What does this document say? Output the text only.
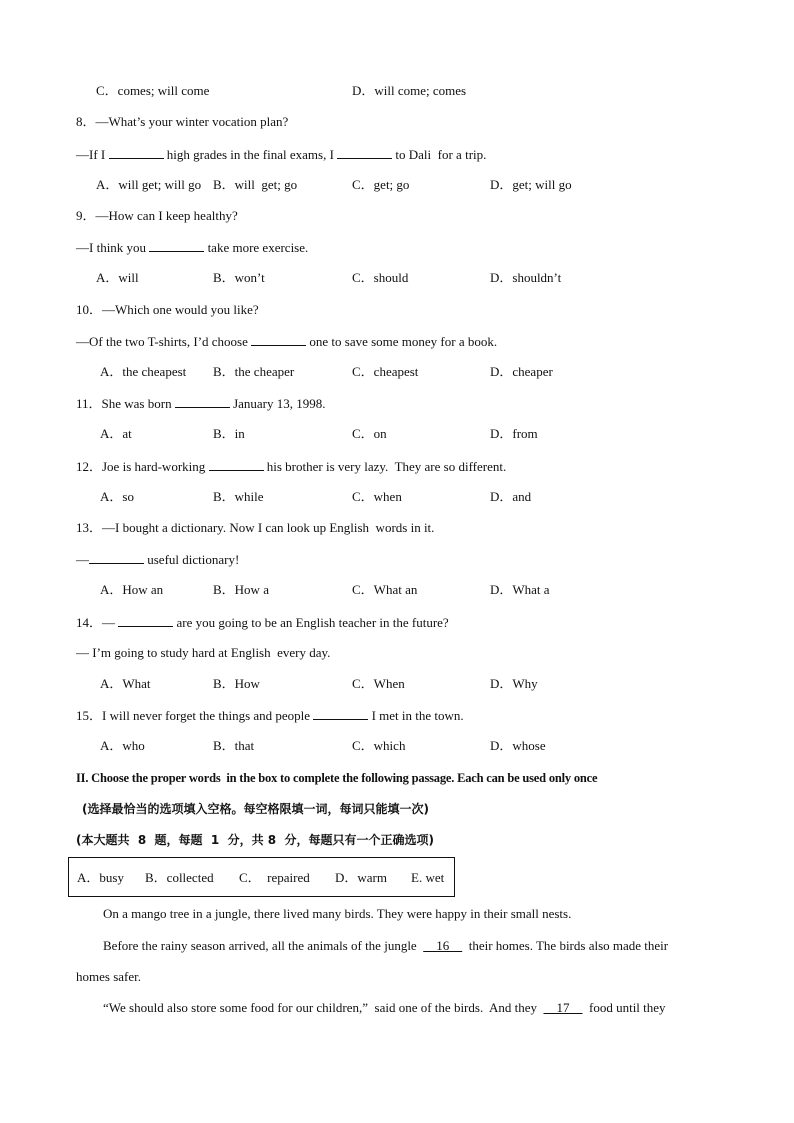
C．comes; will come	D．will come; comes
8．—What’s your winter vocation plan?
—If I	high grades in the final exams, I	to Dali  for a trip.
A．will get; will go B．will  get; go	C．get; go	D．get; will go
9．—How can I keep healthy?
—I think you	take more exercise.
A．will	B．won’t	C．should	D．shouldn’t
10．—Which one would you like?
—Of the two T-shirts, I’d choose	one to save some money for a book.
A．the cheapest B．the cheaper	C．cheapest	D．cheaper
11．She was born	January 13, 1998.
A．at	B．in	C．on	D．from
12．Joe is hard-working	his brother is very lazy.  They are so different.
A．so	B．while	C．when	D．and
13．—I bought a dictionary. Now I can look up English  words in it.
—	useful dictionary!
A．How an	B．How a	C．What an	D．What a
14．—	are you going to be an English teacher in the future?
— I’m going to study hard at English  every day.
A．What	B．How	C．When	D．Why
15．I will never forget the things and people	I met in the town.
A．who	B．that	C．which	D．whose
II. Choose the proper words  in the box to complete the following passage. Each can be used only once
(选择最恰当的选项填入空格。每空格限填一词，每词只能填一次)
(本大题共  8  题，每题  1  分，共 8  分，每题只有一个正确选项)
A．busy B．collected C．  repaired D．warm E. wet
On a mango tree in a jungle, there lived many birds. They were happy in their small nests.
Before the rainy season arrived, all the animals of the jungle      16      their homes. The birds also made their
homes safer.
“We should also store some food for our children,”  said one of the birds.  And they      17      food until they
